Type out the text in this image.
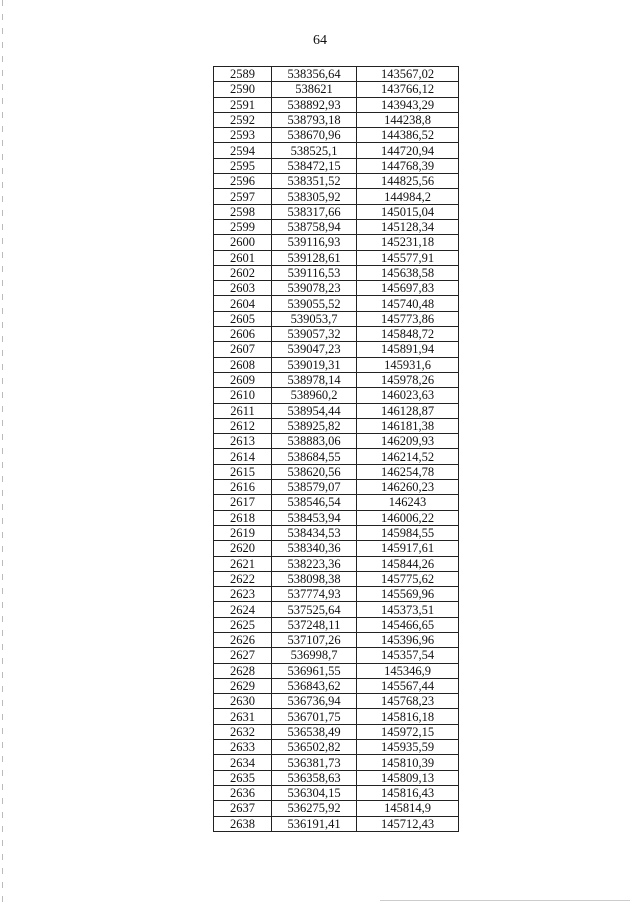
64
2589	538356,64	143567,02
2590	538621	143766,12
2591	538892,93	143943,29
2592	538793,18	144238,8
2593	538670,96	144386,52
2594	538525,1	144720,94
2595	538472,15	144768,39
2596	538351,52	144825,56
2597	538305,92	144984,2
2598	538317,66	145015,04
2599	538758,94	145128,34
2600	539116,93	145231,18
2601	539128,61	145577,91
2602	539116,53	145638,58
2603	539078,23	145697,83
2604	539055,52	145740,48
2605	539053,7	145773,86
2606	539057,32	145848,72
2607	539047,23	145891,94
2608	539019,31	145931,6
2609	538978,14	145978,26
2610	538960,2	146023,63
2611	538954,44	146128,87
2612	538925,82	146181,38
2613	538883,06	146209,93
2614	538684,55	146214,52
2615	538620,56	146254,78
2616	538579,07	146260,23
2617	538546,54	146243
2618	538453,94	146006,22
2619	538434,53	145984,55
2620	538340,36	145917,61
2621	538223,36	145844,26
2622	538098,38	145775,62
2623	537774,93	145569,96
2624	537525,64	145373,51
2625	537248,11	145466,65
2626	537107,26	145396,96
2627	536998,7	145357,54
2628	536961,55	145346,9
2629	536843,62	145567,44
2630	536736,94	145768,23
2631	536701,75	145816,18
2632	536538,49	145972,15
2633	536502,82	145935,59
2634	536381,73	145810,39
2635	536358,63	145809,13
2636	536304,15	145816,43
2637	536275,92	145814,9
2638	536191,41	145712,43
